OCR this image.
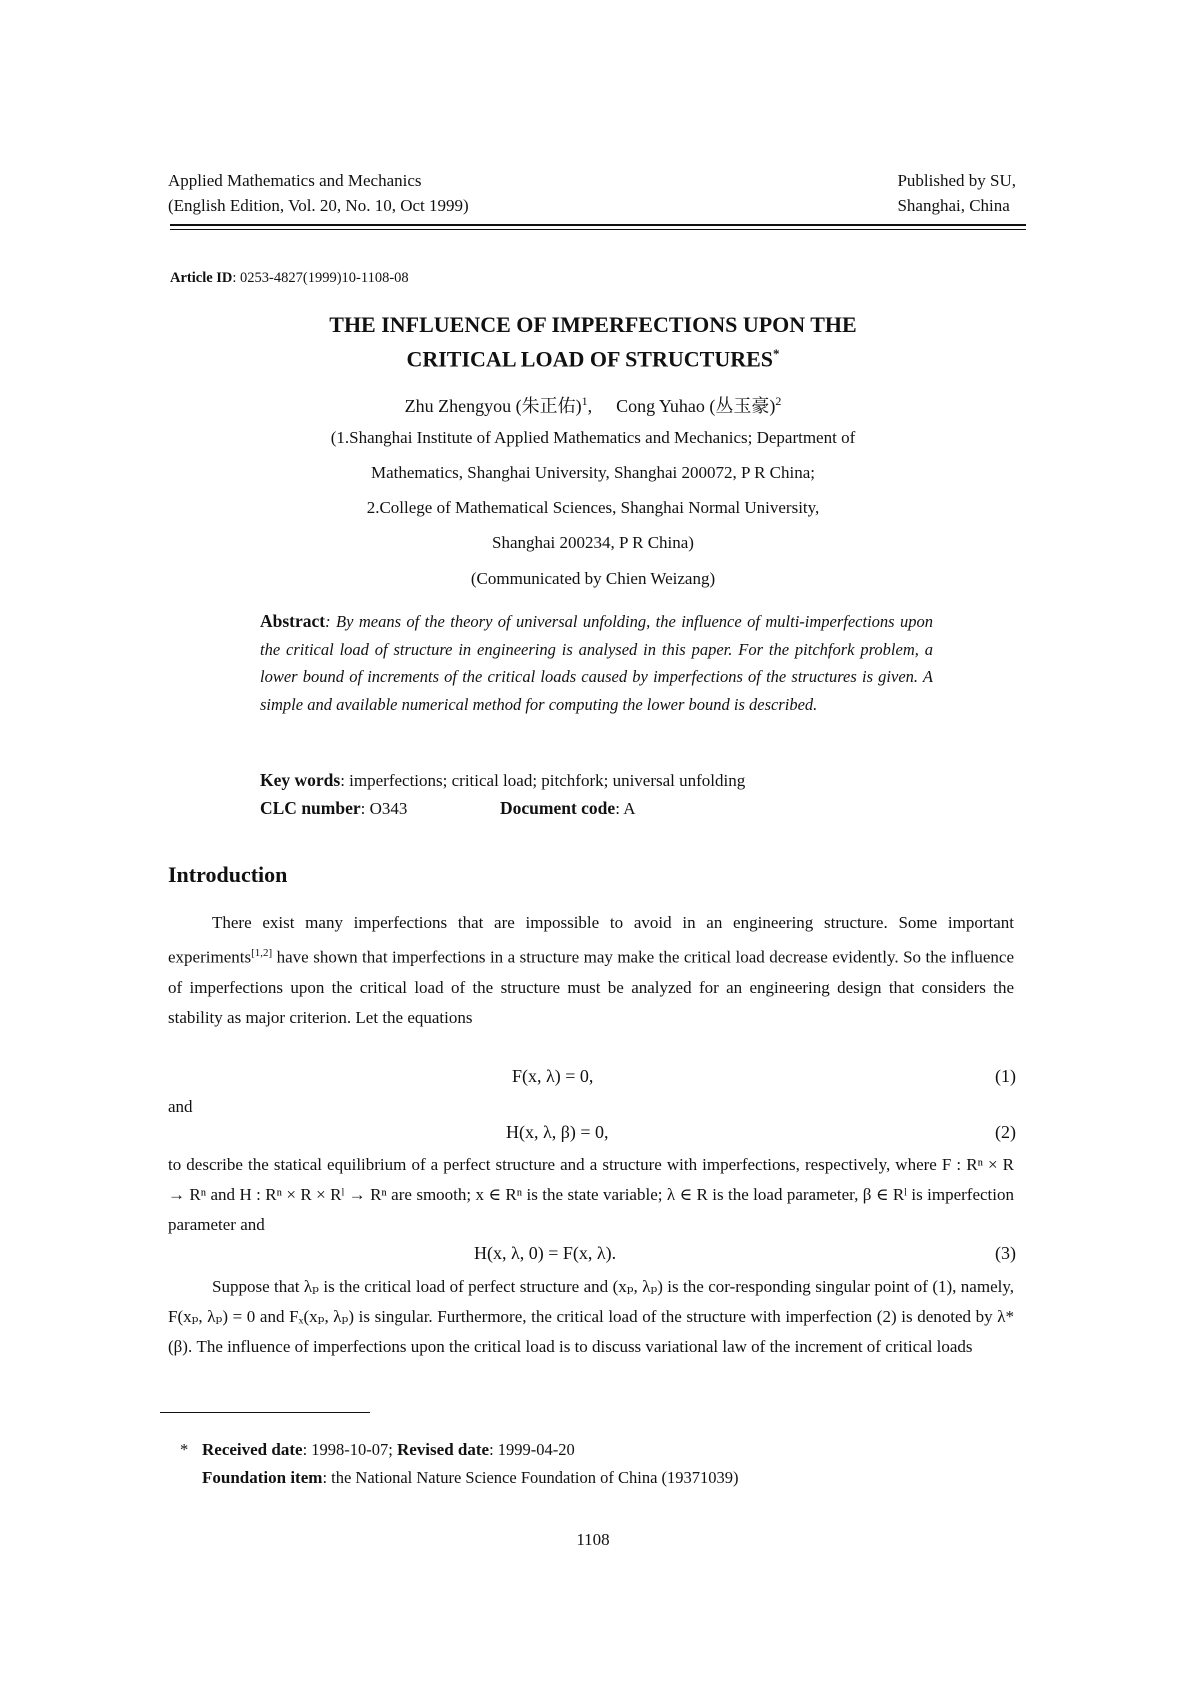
Applied Mathematics and Mechanics
(English Edition, Vol. 20, No. 10, Oct 1999)
Published by SU,
Shanghai, China
Article ID: 0253-4827(1999)10-1108-08
THE INFLUENCE OF IMPERFECTIONS UPON THE
CRITICAL LOAD OF STRUCTURES*
Zhu Zhengyou (朱正佑)$^1$, Cong Yuhao (丛玉豪)$^2$
(1.Shanghai Institute of Applied Mathematics and Mechanics; Department of
Mathematics, Shanghai University, Shanghai 200072, P R China;
2.College of Mathematical Sciences, Shanghai Normal University,
Shanghai 200234, P R China)
(Communicated by Chien Weizang)
Abstract: By means of the theory of universal unfolding, the influence of multi-imperfections upon the critical load of structure in engineering is analysed in this paper. For the pitchfork problem, a lower bound of increments of the critical loads caused by imperfections of the structures is given. A simple and available numerical method for computing the lower bound is described.
Key words: imperfections; critical load; pitchfork; universal unfolding
CLC number: O343	Document code: A
Introduction
There exist many imperfections that are impossible to avoid in an engineering structure. Some important experiments[1,2] have shown that imperfections in a structure may make the critical load decrease evidently. So the influence of imperfections upon the critical load of the structure must be analyzed for an engineering design that considers the stability as major criterion. Let the equations
F(x, λ) = 0,	(1)
and
H(x, λ, β) = 0,	(2)
to describe the statical equilibrium of a perfect structure and a structure with imperfections, respectively, where F : Rⁿ × R → Rⁿ and H : Rⁿ × R × Rˡ → Rⁿ are smooth; x ∈ Rⁿ is the state variable; λ ∈ R is the load parameter, β ∈ Rˡ is imperfection parameter and
H(x, λ, 0) = F(x, λ).	(3)
Suppose that λₚ is the critical load of perfect structure and (xₚ, λₚ) is the cor-responding singular point of (1), namely, F(xₚ, λₚ) = 0 and Fₓ(xₚ, λₚ) is singular. Furthermore, the critical load of the structure with imperfection (2) is denoted by λ*(β). The influence of imperfections upon the critical load is to discuss variational law of the increment of critical loads
* Received date: 1998-10-07; Revised date: 1999-04-20
Foundation item: the National Nature Science Foundation of China (19371039)
1108
